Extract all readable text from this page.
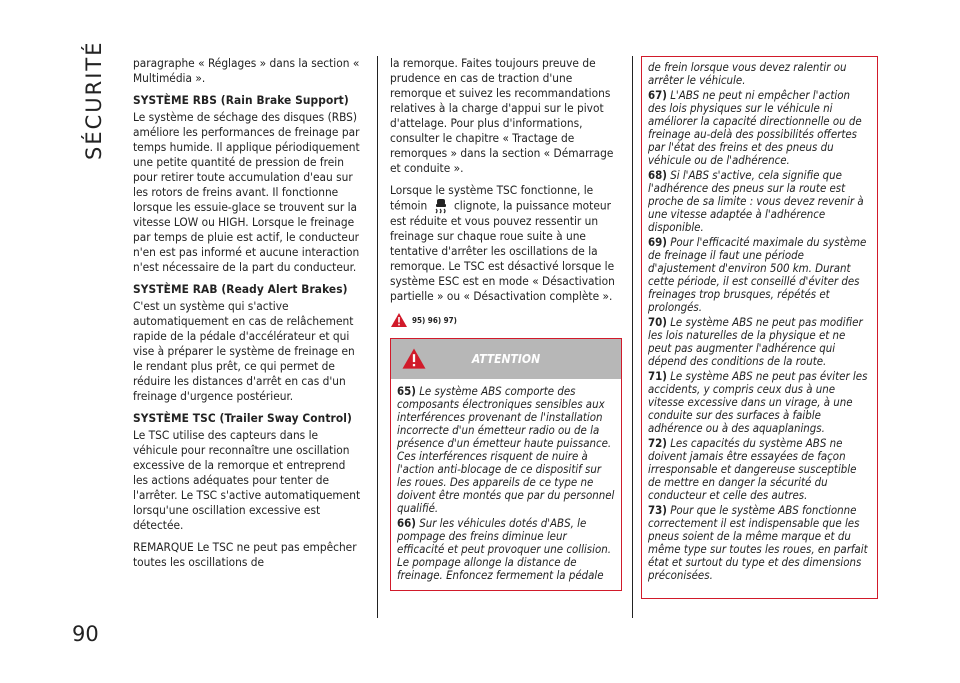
SÉCURITÉ
90

paragraphe « Réglages » dans la section « Multimédia ».

SYSTÈME RBS (Rain Brake Support)

Le système de séchage des disques (RBS) améliore les performances de freinage par temps humide. Il applique périodiquement une petite quantité de pression de frein pour retirer toute accumulation d'eau sur les rotors de freins avant. Il fonctionne lorsque les essuie-glace se trouvent sur la vitesse LOW ou HIGH. Lorsque le freinage par temps de pluie est actif, le conducteur n'en est pas informé et aucune interaction n'est nécessaire de la part du conducteur.

SYSTÈME RAB (Ready Alert Brakes)

C'est un système qui s'active automatiquement en cas de relâchement rapide de la pédale d'accélérateur et qui vise à préparer le système de freinage en le rendant plus prêt, ce qui permet de réduire les distances d'arrêt en cas d'un freinage d'urgence postérieur.

SYSTÈME TSC (Trailer Sway Control)

Le TSC utilise des capteurs dans le véhicule pour reconnaître une oscillation excessive de la remorque et entreprend les actions adéquates pour tenter de l'arrêter. Le TSC s'active automatiquement lorsqu'une oscillation excessive est détectée.

REMARQUE Le TSC ne peut pas empêcher toutes les oscillations de

la remorque. Faites toujours preuve de prudence en cas de traction d'une remorque et suivez les recommandations relatives à la charge d'appui sur le pivot d'attelage. Pour plus d'informations, consulter le chapitre « Tractage de remorques » dans la section « Démarrage et conduite ».

Lorsque le système TSC fonctionne, le témoin clignote, la puissance moteur est réduite et vous pouvez ressentir un freinage sur chaque roue suite à une tentative d'arrêter les oscillations de la remorque. Le TSC est désactivé lorsque le système ESC est en mode « Désactivation partielle » ou « Désactivation complète ».

95) 96) 97)
ATTENTION

65) Le système ABS comporte des composants électroniques sensibles aux interférences provenant de l'installation incorrecte d'un émetteur radio ou de la présence d'un émetteur haute puissance. Ces interférences risquent de nuire à l'action anti-blocage de ce dispositif sur les roues. Des appareils de ce type ne doivent être montés que par du personnel qualifié.

66) Sur les véhicules dotés d'ABS, le pompage des freins diminue leur efficacité et peut provoquer une collision. Le pompage allonge la distance de freinage. Enfoncez fermement la pédale

de frein lorsque vous devez ralentir ou arrêter le véhicule.

67) L'ABS ne peut ni empêcher l'action des lois physiques sur le véhicule ni améliorer la capacité directionnelle ou de freinage au-delà des possibilités offertes par l'état des freins et des pneus du véhicule ou de l'adhérence.

68) Si l'ABS s'active, cela signifie que l'adhérence des pneus sur la route est proche de sa limite : vous devez revenir à une vitesse adaptée à l'adhérence disponible.

69) Pour l'efficacité maximale du système de freinage il faut une période d'ajustement d'environ 500 km. Durant cette période, il est conseillé d'éviter des freinages trop brusques, répétés et prolongés.

70) Le système ABS ne peut pas modifier les lois naturelles de la physique et ne peut pas augmenter l'adhérence qui dépend des conditions de la route.

71) Le système ABS ne peut pas éviter les accidents, y compris ceux dus à une vitesse excessive dans un virage, à une conduite sur des surfaces à faible adhérence ou à des aquaplanings.

72) Les capacités du système ABS ne doivent jamais être essayées de façon irresponsable et dangereuse susceptible de mettre en danger la sécurité du conducteur et celle des autres.

73) Pour que le système ABS fonctionne correctement il est indispensable que les pneus soient de la même marque et du même type sur toutes les roues, en parfait état et surtout du type et des dimensions préconisées.
